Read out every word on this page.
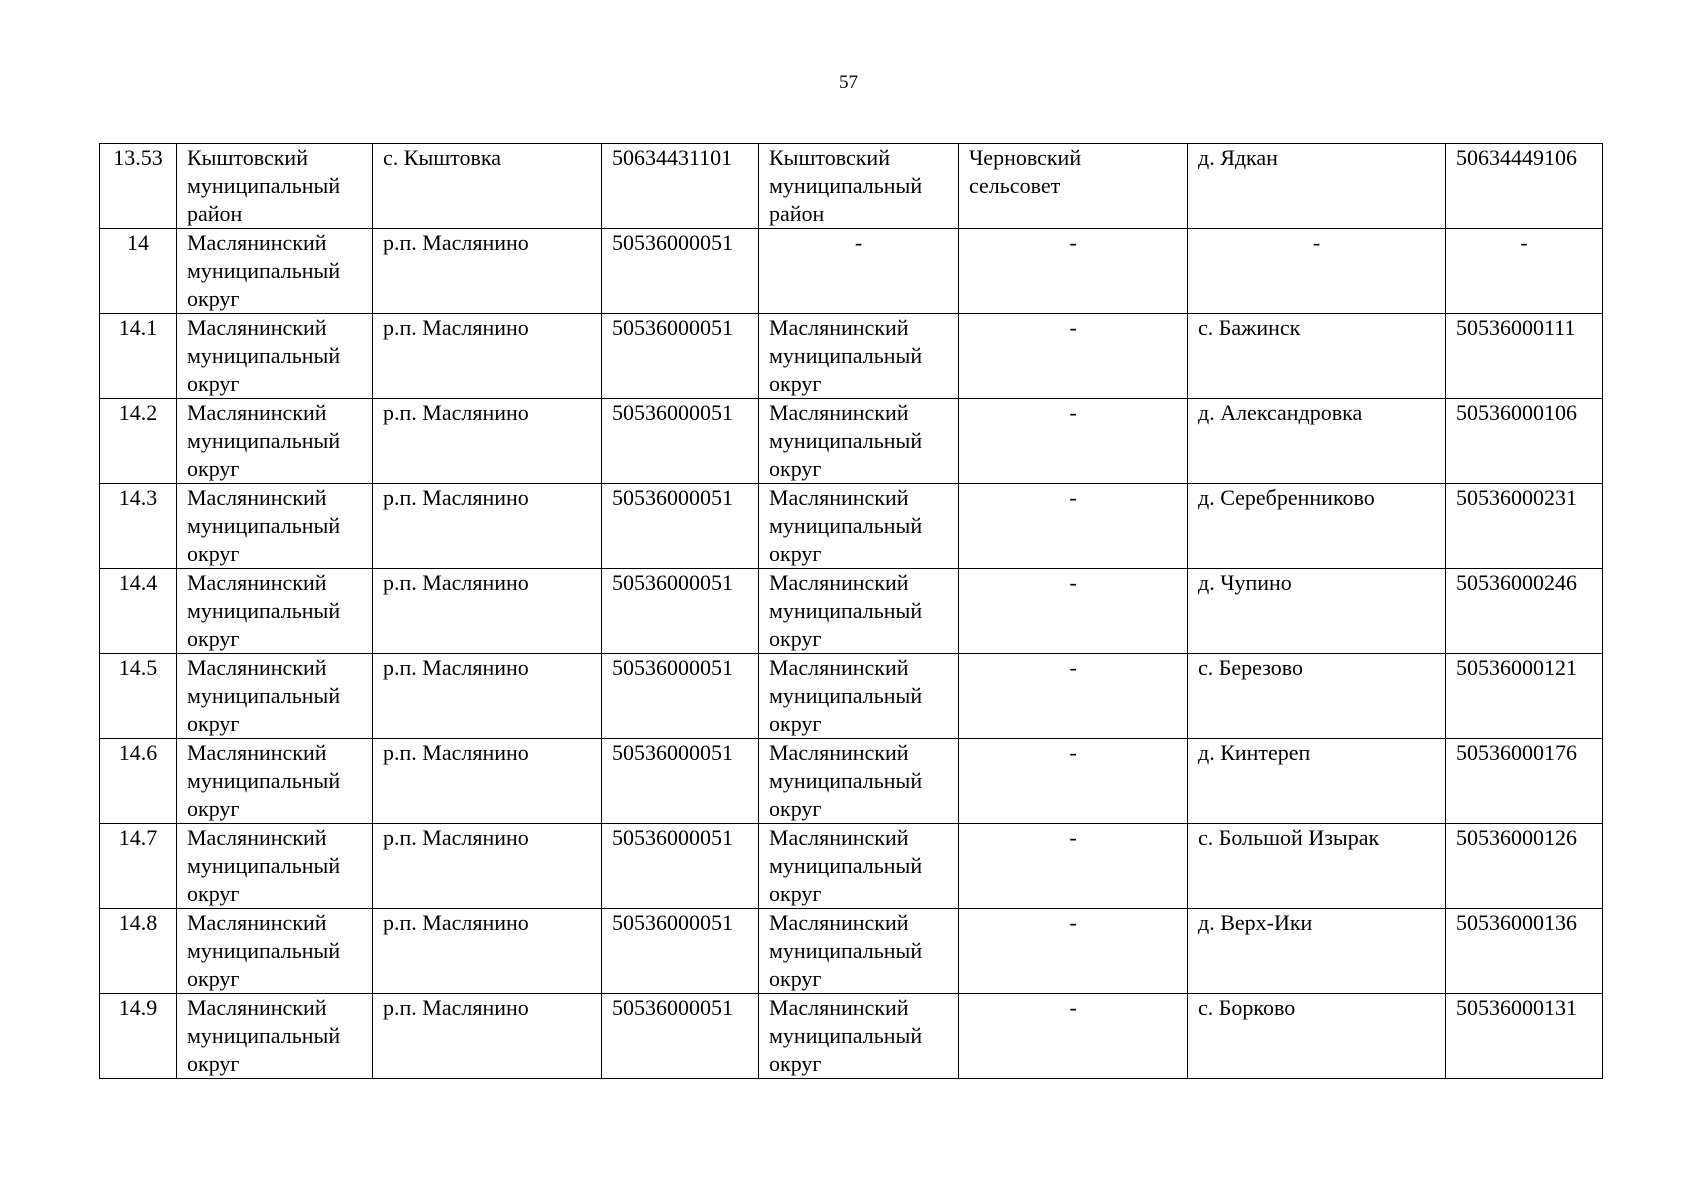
57
13.53	Кыштовский
муниципальный
район	с. Кыштовка	50634431101	Кыштовский
муниципальный
район	Черновский
сельсовет	д. Ядкан	50634449106
14	Маслянинский
муниципальный
округ	р.п. Маслянино	50536000051	-	-	-	-
14.1	Маслянинский
муниципальный
округ	р.п. Маслянино	50536000051	Маслянинский
муниципальный
округ	-	с. Бажинск	50536000111
14.2	Маслянинский
муниципальный
округ	р.п. Маслянино	50536000051	Маслянинский
муниципальный
округ	-	д. Александровка	50536000106
14.3	Маслянинский
муниципальный
округ	р.п. Маслянино	50536000051	Маслянинский
муниципальный
округ	-	д. Серебренниково	50536000231
14.4	Маслянинский
муниципальный
округ	р.п. Маслянино	50536000051	Маслянинский
муниципальный
округ	-	д. Чупино	50536000246
14.5	Маслянинский
муниципальный
округ	р.п. Маслянино	50536000051	Маслянинский
муниципальный
округ	-	с. Березово	50536000121
14.6	Маслянинский
муниципальный
округ	р.п. Маслянино	50536000051	Маслянинский
муниципальный
округ	-	д. Кинтереп	50536000176
14.7	Маслянинский
муниципальный
округ	р.п. Маслянино	50536000051	Маслянинский
муниципальный
округ	-	с. Большой Изырак	50536000126
14.8	Маслянинский
муниципальный
округ	р.п. Маслянино	50536000051	Маслянинский
муниципальный
округ	-	д. Верх-Ики	50536000136
14.9	Маслянинский
муниципальный
округ	р.п. Маслянино	50536000051	Маслянинский
муниципальный
округ	-	с. Борково	50536000131
